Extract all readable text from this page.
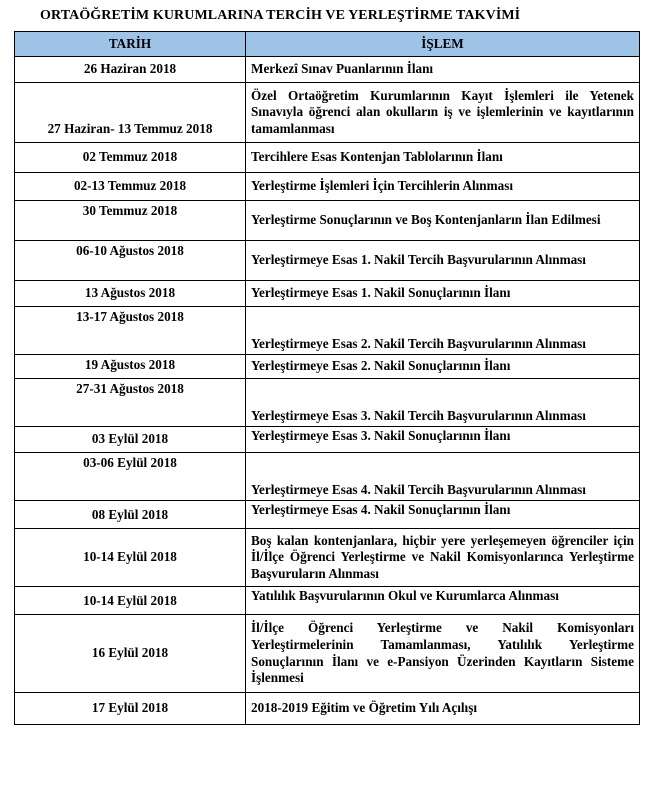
ORTAÖĞRETİM KURUMLARINA TERCİH VE YERLEŞTİRME TAKVİMİ
TARİH	İŞLEM
26 Haziran 2018	Merkezî Sınav Puanlarının İlanı
27 Haziran- 13 Temmuz 2018	Özel Ortaöğretim Kurumlarının Kayıt İşlemleri ile Yetenek Sınavıyla öğrenci alan okulların iş ve işlemlerinin ve kayıtlarının tamamlanması
02 Temmuz 2018	Tercihlere Esas Kontenjan Tablolarının İlanı
02-13 Temmuz 2018	Yerleştirme İşlemleri İçin Tercihlerin Alınması
30 Temmuz 2018	Yerleştirme Sonuçlarının ve Boş Kontenjanların İlan Edilmesi
06-10 Ağustos 2018	Yerleştirmeye Esas 1. Nakil Tercih Başvurularının Alınması
13 Ağustos 2018	Yerleştirmeye Esas 1. Nakil Sonuçlarının İlanı
13-17 Ağustos 2018	Yerleştirmeye Esas 2. Nakil Tercih Başvurularının Alınması
19 Ağustos 2018	Yerleştirmeye Esas 2. Nakil Sonuçlarının İlanı
27-31 Ağustos 2018	Yerleştirmeye Esas 3. Nakil Tercih Başvurularının Alınması
03 Eylül 2018	Yerleştirmeye Esas 3. Nakil Sonuçlarının İlanı
03-06 Eylül 2018	Yerleştirmeye Esas 4. Nakil Tercih Başvurularının Alınması
08 Eylül 2018	Yerleştirmeye Esas 4. Nakil Sonuçlarının İlanı
10-14 Eylül 2018	Boş kalan kontenjanlara, hiçbir yere yerleşemeyen öğrenciler için İl/İlçe Öğrenci Yerleştirme ve Nakil Komisyonlarınca Yerleştirme Başvuruların Alınması
10-14 Eylül 2018	Yatılılık Başvurularının Okul ve Kurumlarca Alınması
16 Eylül 2018	İl/İlçe Öğrenci Yerleştirme ve Nakil Komisyonları Yerleştirmelerinin Tamamlanması, Yatılılık Yerleştirme Sonuçlarının İlanı ve e-Pansiyon Üzerinden Kayıtların Sisteme İşlenmesi
17 Eylül 2018	2018-2019 Eğitim ve Öğretim Yılı Açılışı
